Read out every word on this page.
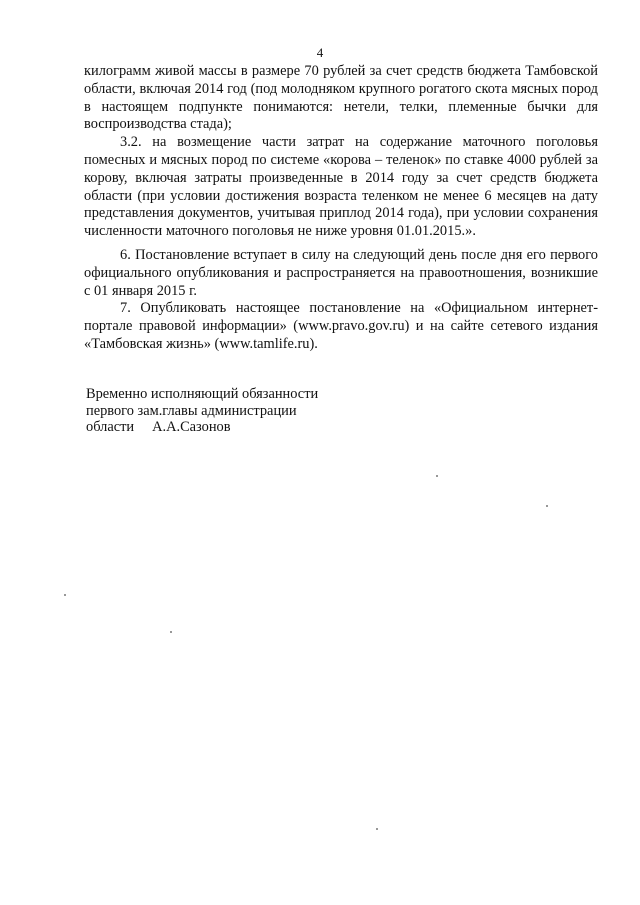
4

килограмм живой массы в размере 70 рублей за счет средств бюджета Тамбовской области, включая 2014 год (под молодняком крупного рогатого скота мясных пород в настоящем подпункте понимаются: нетели, телки, племенные бычки для воспроизводства стада);

3.2. на возмещение части затрат на содержание маточного поголовья помесных и мясных пород по системе «корова – теленок» по ставке 4000 рублей за корову, включая затраты произведенные в 2014 году за счет средств бюджета области (при условии достижения возраста теленком не менее 6 месяцев на дату представления документов, учитывая приплод 2014 года), при условии сохранения численности маточного поголовья не ниже уровня 01.01.2015.».

6. Постановление вступает в силу на следующий день после дня его первого официального опубликования и распространяется на правоотношения, возникшие с 01 января 2015 г.

7. Опубликовать настоящее постановление на «Официальном интернет-портале правовой информации» (www.pravo.gov.ru) и на сайте сетевого издания «Тамбовская жизнь» (www.tamlife.ru).

Временно исполняющий обязанности
первого зам.главы администрации
области     А.А.Сазонов
